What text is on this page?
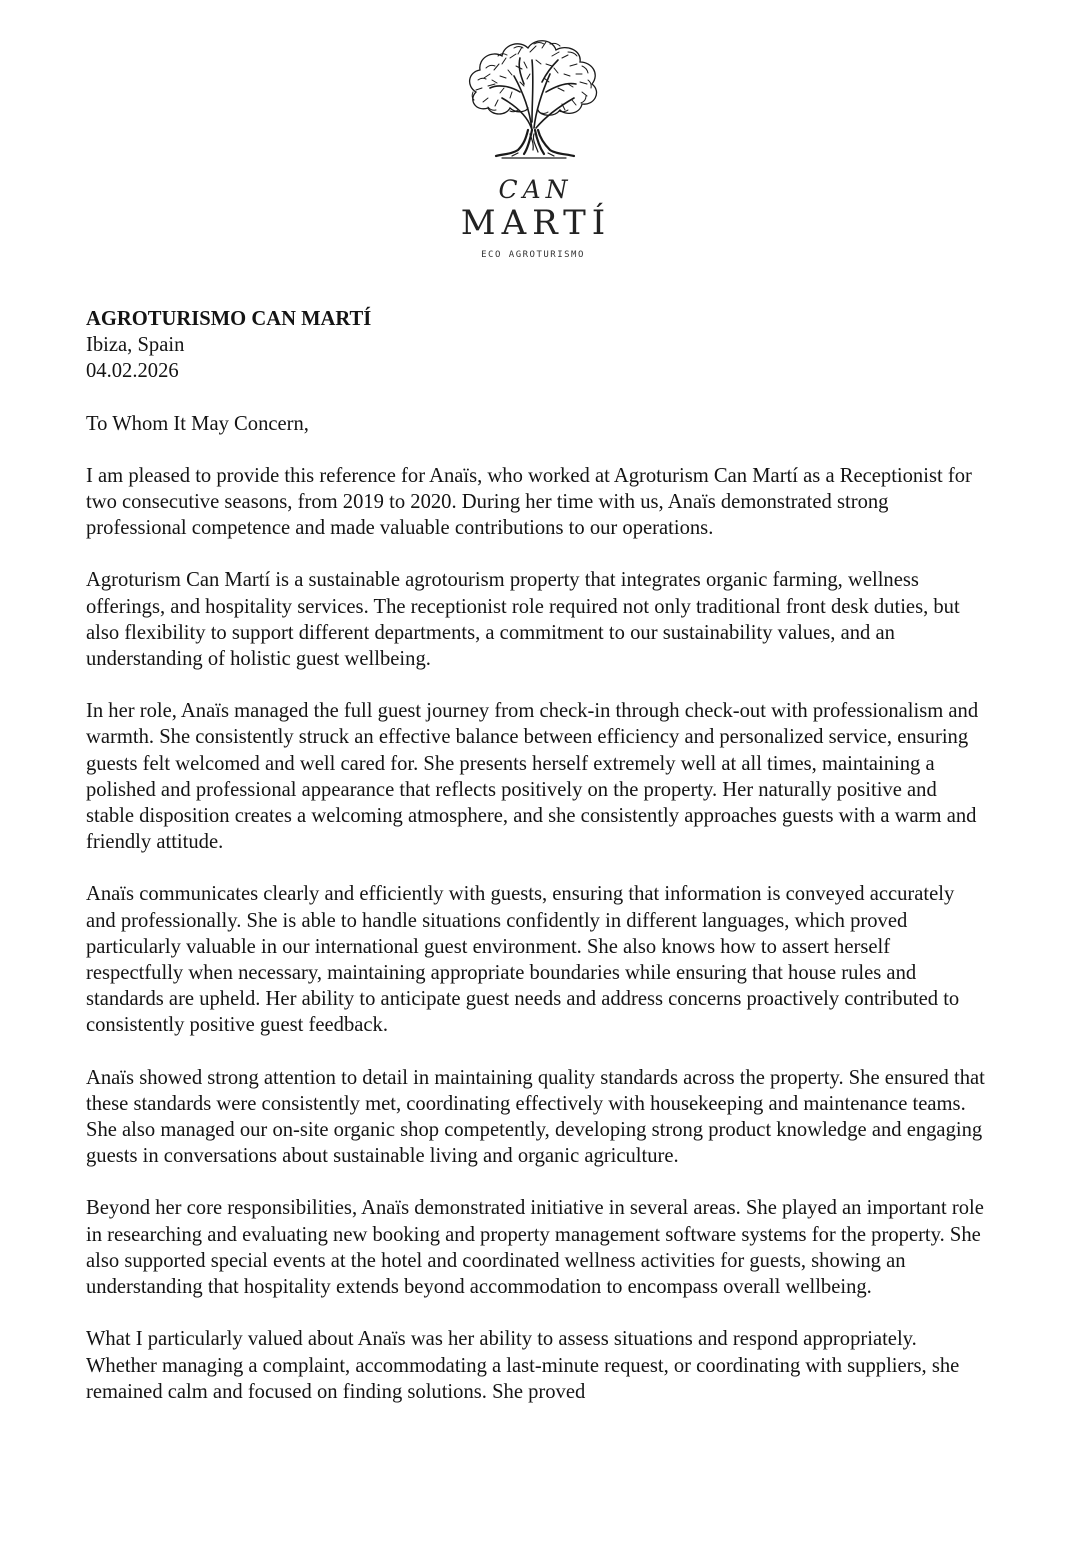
CAN
MARTÍ
ECO AGROTURISMO
AGROTURISMO CAN MARTÍ
Ibiza, Spain
04.02.2026

To Whom It May Concern,

I am pleased to provide this reference for Anaïs, who worked at Agroturism Can Martí as a Receptionist for two consecutive seasons, from 2019 to 2020. During her time with us, Anaïs demonstrated strong professional competence and made valuable contributions to our operations.

Agroturism Can Martí is a sustainable agrotourism property that integrates organic farming, wellness offerings, and hospitality services. The receptionist role required not only traditional front desk duties, but also flexibility to support different departments, a commitment to our sustainability values, and an understanding of holistic guest wellbeing.

In her role, Anaïs managed the full guest journey from check-in through check-out with professionalism and warmth. She consistently struck an effective balance between efficiency and personalized service, ensuring guests felt welcomed and well cared for. She presents herself extremely well at all times, maintaining a polished and professional appearance that reflects positively on the property. Her naturally positive and stable disposition creates a welcoming atmosphere, and she consistently approaches guests with a warm and friendly attitude.

Anaïs communicates clearly and efficiently with guests, ensuring that information is conveyed accurately and professionally. She is able to handle situations confidently in different languages, which proved particularly valuable in our international guest environment. She also knows how to assert herself respectfully when necessary, maintaining appropriate boundaries while ensuring that house rules and standards are upheld. Her ability to anticipate guest needs and address concerns proactively contributed to consistently positive guest feedback.

Anaïs showed strong attention to detail in maintaining quality standards across the property. She ensured that these standards were consistently met, coordinating effectively with housekeeping and maintenance teams. She also managed our on-site organic shop competently, developing strong product knowledge and engaging guests in conversations about sustainable living and organic agriculture.

Beyond her core responsibilities, Anaïs demonstrated initiative in several areas. She played an important role in researching and evaluating new booking and property management software systems for the property. She also supported special events at the hotel and coordinated wellness activities for guests, showing an understanding that hospitality extends beyond accommodation to encompass overall wellbeing.

What I particularly valued about Anaïs was her ability to assess situations and respond appropriately. Whether managing a complaint, accommodating a last-minute request, or coordinating with suppliers, she remained calm and focused on finding solutions. She proved
